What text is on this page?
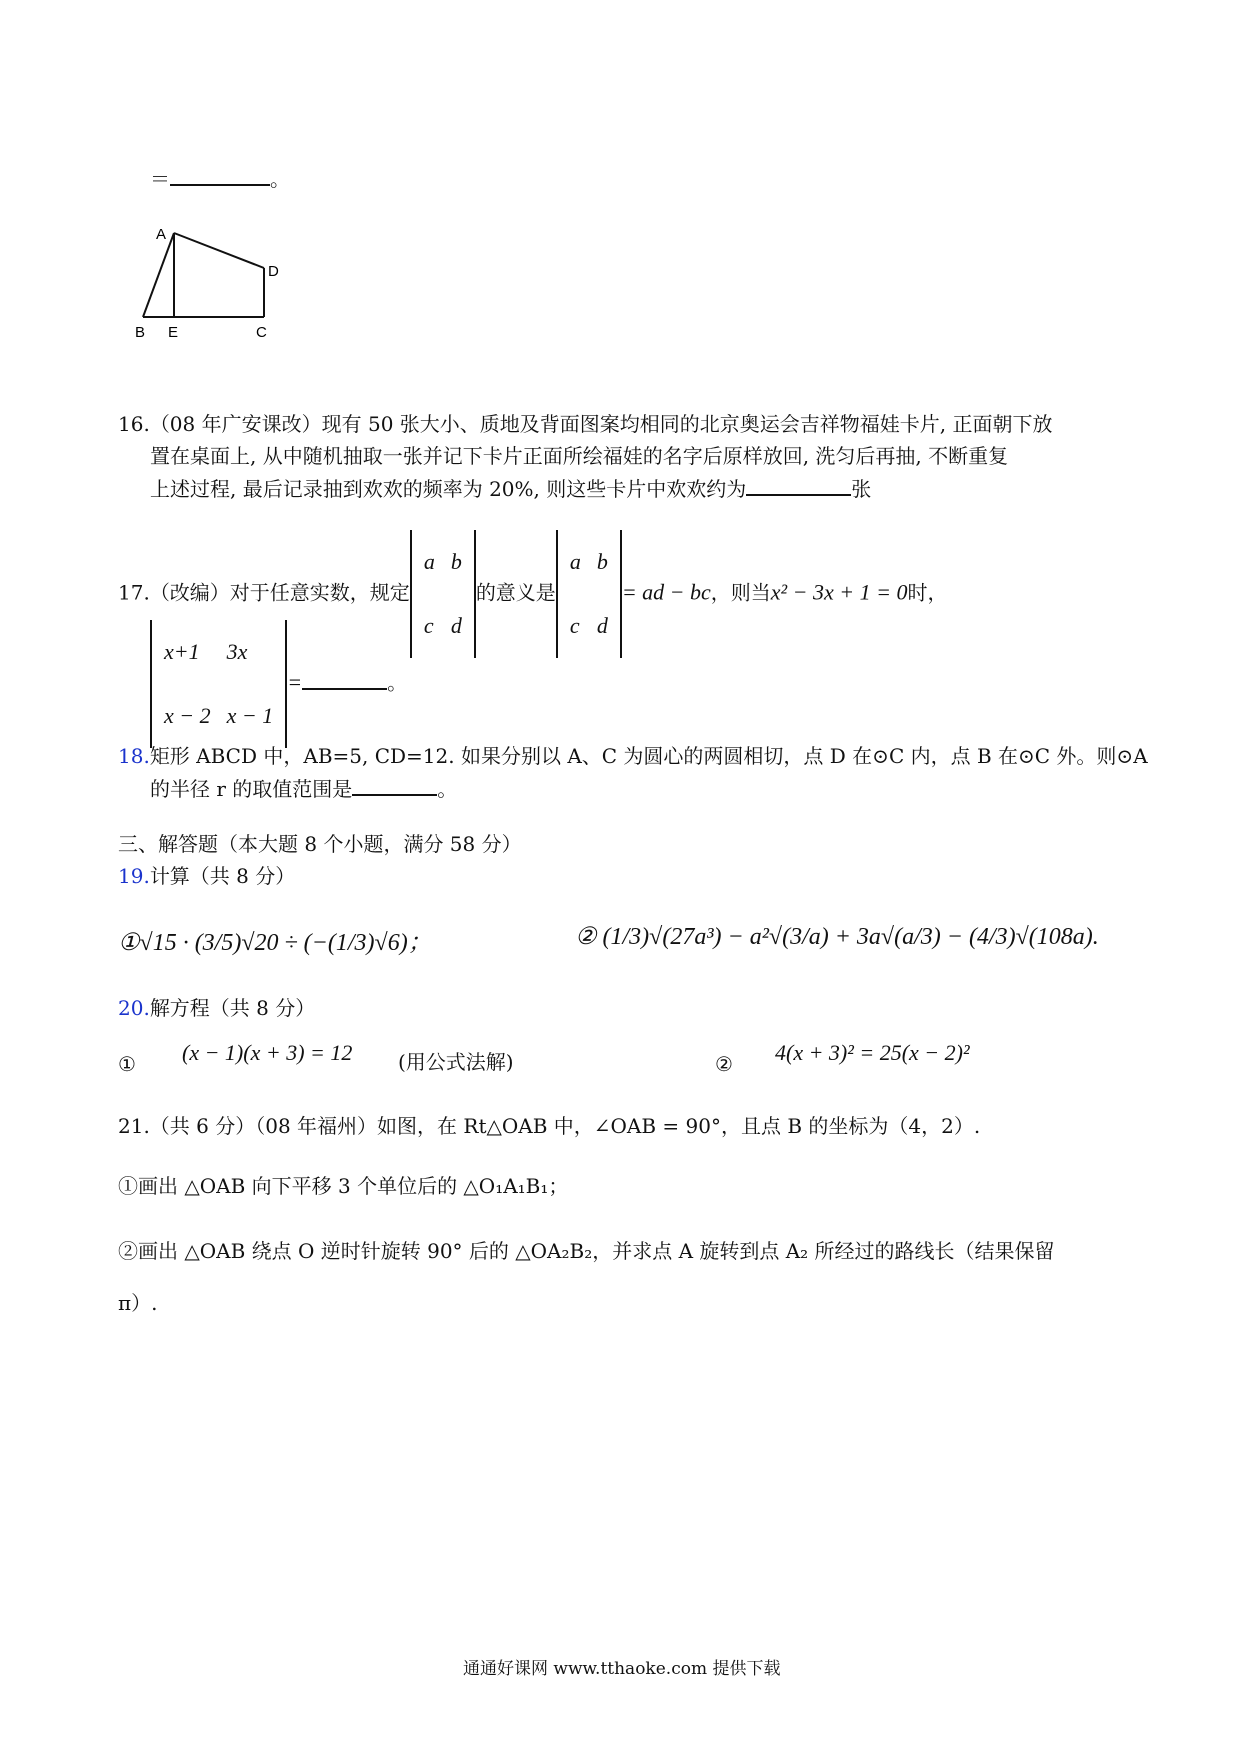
＝	。
A
D
B E	C
16.（08 年广安课改）现有 50 张大小、质地及背面图案均相同的北京奥运会吉祥物福娃卡片, 正面朝下放
置在桌面上, 从中随机抽取一张并记下卡片正面所绘福娃的名字后原样放回, 洗匀后再抽, 不断重复
上述过程, 最后记录抽到欢欢的频率为 20%, 则这些卡片中欢欢约为	张
17.（改编）对于任意实数，规定
a	b
c	d
的意义是
a	b
c	d
= ad − bc，则当x² − 3x + 1 = 0时，
x+1	3x
x − 2	x − 1
=	。
18.矩形 ABCD 中，AB=5, CD=12. 如果分别以 A、C 为圆心的两圆相切，点 D 在⊙C 内，点 B 在⊙C 外。则⊙A
的半径 r 的取值范围是	。
三、解答题（本大题 8 个小题，满分 58 分）
19.计算（共 8 分）
①√15 · (3/5)√20 ÷ (−(1/3)√6)；	② (1/3)√(27a³) − a²√(3/a) + 3a√(a/3) − (4/3)√(108a).
20.解方程（共 8 分）
① (x − 1)(x + 3) = 12 (用公式法解)	② 4(x + 3)² = 25(x − 2)²
21.（共 6 分）（08 年福州）如图，在 Rt△OAB 中，∠OAB = 90°，且点 B 的坐标为（4，2）.
①画出 △OAB 向下平移 3 个单位后的 △O₁A₁B₁；
②画出 △OAB 绕点 O 逆时针旋转 90° 后的 △OA₂B₂，并求点 A 旋转到点 A₂ 所经过的路线长（结果保留
π）.
通通好课网 www.tthaoke.com 提供下载
